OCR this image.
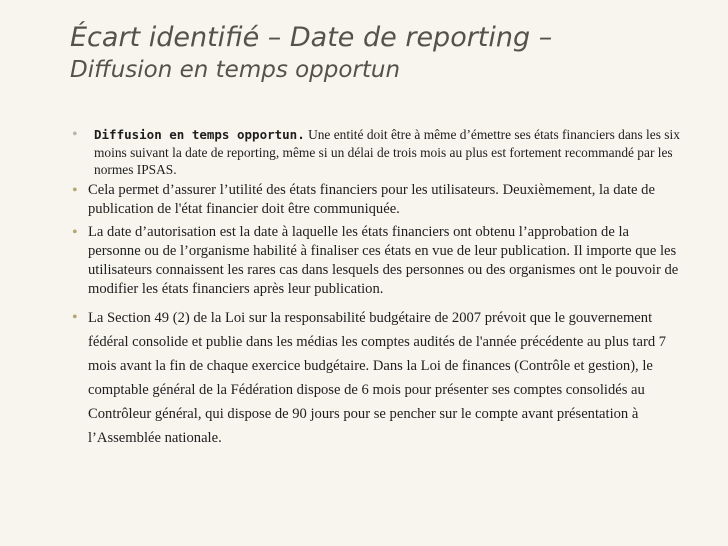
Écart identifié – Date de reporting –
Diffusion en temps opportun
• Diffusion en temps opportun. Une entité doit être à même d’émettre ses états financiers dans les six moins suivant la date de reporting, même si un délai de trois mois au plus est fortement recommandé par les normes IPSAS.
• Cela permet d’assurer l’utilité des états financiers pour les utilisateurs. Deuxièmement, la date de publication de l'état financier doit être communiquée.
• La date d’autorisation est la date à laquelle les états financiers ont obtenu l’approbation de la personne ou de l’organisme habilité à finaliser ces états en vue de leur publication. Il importe que les utilisateurs connaissent les rares cas dans lesquels des personnes ou des organismes ont le pouvoir de modifier les états financiers après leur publication.
• La Section 49 (2) de la Loi sur la responsabilité budgétaire de 2007 prévoit que le gouvernement fédéral consolide et publie dans les médias les comptes audités de l'année précédente au plus tard 7 mois avant la fin de chaque exercice budgétaire. Dans la Loi de finances (Contrôle et gestion), le comptable général de la Fédération dispose de 6 mois pour présenter ses comptes consolidés au Contrôleur général, qui dispose de 90 jours pour se pencher sur le compte avant présentation à l’Assemblée nationale.
